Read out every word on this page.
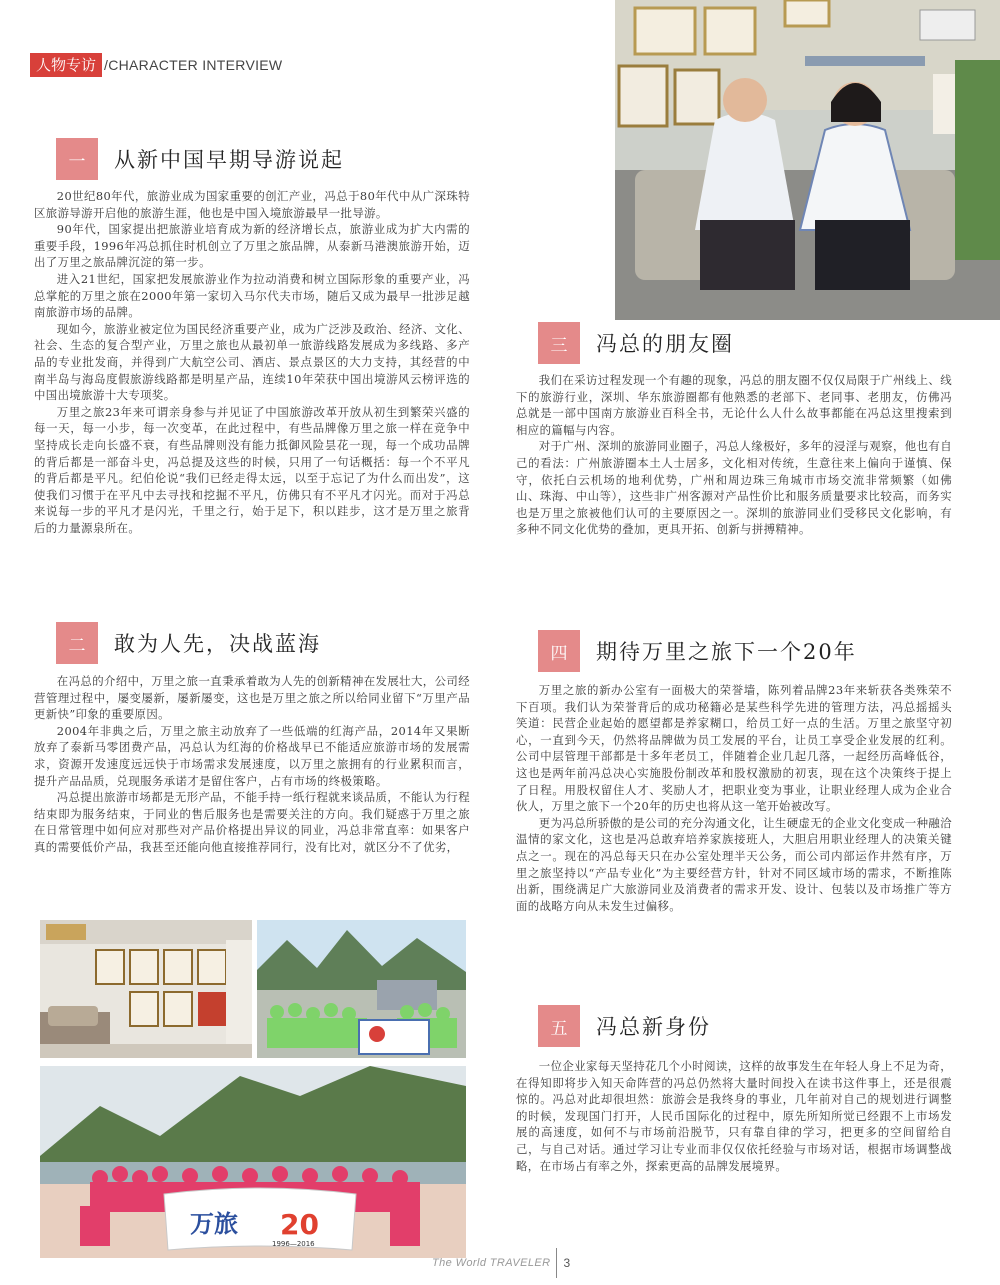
人物专访 /CHARACTER INTERVIEW
一	从新中国早期导游说起

20世纪80年代，旅游业成为国家重要的创汇产业，冯总于80年代中从广深珠特区旅游导游开启他的旅游生涯，他也是中国入境旅游最早一批导游。

90年代，国家提出把旅游业培育成为新的经济增长点，旅游业成为扩大内需的重要手段，1996年冯总抓住时机创立了万里之旅品牌，从泰新马港澳旅游开始，迈出了万里之旅品牌沉淀的第一步。

进入21世纪，国家把发展旅游业作为拉动消费和树立国际形象的重要产业，冯总掌舵的万里之旅在2000年第一家切入马尔代夫市场，随后又成为最早一批涉足越南旅游市场的品牌。

现如今，旅游业被定位为国民经济重要产业，成为广泛涉及政治、经济、文化、社会、生态的复合型产业，万里之旅也从最初单一旅游线路发展成为多线路、多产品的专业批发商，并得到广大航空公司、酒店、景点景区的大力支持，其经营的中南半岛与海岛度假旅游线路都是明星产品，连续10年荣获中国出境游风云榜评选的中国出境旅游十大专项奖。

万里之旅23年来可谓亲身参与并见证了中国旅游改革开放从初生到繁荣兴盛的每一天，每一小步，每一次变革，在此过程中，有些品牌像万里之旅一样在竞争中坚持成长走向长盛不衰，有些品牌则没有能力抵御风险昙花一现，每一个成功品牌的背后都是一部奋斗史，冯总提及这些的时候，只用了一句话概括：每一个不平凡的背后都是平凡。纪伯伦说“我们已经走得太远，以至于忘记了为什么而出发”，这使我们习惯于在平凡中去寻找和挖掘不平凡，仿佛只有不平凡才闪光。而对于冯总来说每一步的平凡才是闪光，千里之行，始于足下，积以跬步，这才是万里之旅背后的力量源泉所在。

二	敢为人先，决战蓝海

在冯总的介绍中，万里之旅一直秉承着敢为人先的创新精神在发展壮大，公司经营管理过程中，屡变屡新，屡新屡变，这也是万里之旅之所以给同业留下“万里产品更新快”印象的重要原因。

2004年非典之后，万里之旅主动放弃了一些低端的红海产品，2014年又果断放弃了泰新马零团费产品，冯总认为红海的价格战早已不能适应旅游市场的发展需求，资源开发速度远远快于市场需求发展速度，以万里之旅拥有的行业累积而言，提升产品品质，兑现服务承诺才是留住客户，占有市场的终极策略。

冯总提出旅游市场都是无形产品，不能手持一纸行程就来谈品质，不能认为行程结束即为服务结束，于同业的售后服务也是需要关注的方向。我们疑惑于万里之旅在日常管理中如何应对那些对产品价格提出异议的同业，冯总非常直率：如果客户真的需要低价产品，我甚至还能向他直接推荐同行，没有比对，就区分不了优劣，

万旅 20
1996—2016
三	冯总的朋友圈

我们在采访过程发现一个有趣的现象，冯总的朋友圈不仅仅局限于广州线上、线下的旅游行业，深圳、华东旅游圈都有他熟悉的老部下、老同事、老朋友，仿佛冯总就是一部中国南方旅游业百科全书，无论什么人什么故事都能在冯总这里搜索到相应的篇幅与内容。

对于广州、深圳的旅游同业圈子，冯总人缘极好，多年的浸淫与观察，他也有自己的看法：广州旅游圈本土人士居多，文化相对传统，生意往来上偏向于谨慎、保守，依托白云机场的地利优势，广州和周边珠三角城市市场交流非常频繁（如佛山、珠海、中山等），这些非广州客源对产品性价比和服务质量要求比较高，而务实也是万里之旅被他们认可的主要原因之一。深圳的旅游同业们受移民文化影响，有多种不同文化优势的叠加，更具开拓、创新与拼搏精神。

四	期待万里之旅下一个20年

万里之旅的新办公室有一面极大的荣誉墙，陈列着品牌23年来斩获各类殊荣不下百项。我们认为荣誉背后的成功秘籍必是某些科学先进的管理方法，冯总摇摇头笑道：民营企业起始的愿望都是养家糊口，给员工好一点的生活。万里之旅坚守初心，一直到今天，仍然将品牌做为员工发展的平台，让员工享受企业发展的红利。公司中层管理干部都是十多年老员工，伴随着企业几起几落，一起经历高峰低谷，这也是两年前冯总决心实施股份制改革和股权激励的初衷，现在这个决策终于提上了日程。用股权留住人才、奖励人才，把职业变为事业，让职业经理人成为企业合伙人，万里之旅下一个20年的历史也将从这一笔开始被改写。

更为冯总所骄傲的是公司的充分沟通文化，让生硬虚无的企业文化变成一种融洽温情的家文化，这也是冯总敢弃培养家族接班人，大胆启用职业经理人的决策关键点之一。现在的冯总每天只在办公室处理半天公务，而公司内部运作井然有序，万里之旅坚持以“产品专业化”为主要经营方针，针对不同区域市场的需求，不断推陈出新，围绕满足广大旅游同业及消费者的需求开发、设计、包装以及市场推广等方面的战略方向从未发生过偏移。

五	冯总新身份

一位企业家每天坚持花几个小时阅读，这样的故事发生在年轻人身上不足为奇，在得知即将步入知天命阵营的冯总仍然将大量时间投入在读书这件事上，还是很震惊的。冯总对此却很坦然：旅游会是我终身的事业，几年前对自己的规划进行调整的时候，发现国门打开，人民币国际化的过程中，原先所知所觉已经跟不上市场发展的高速度，如何不与市场前沿脱节，只有靠自律的学习，把更多的空间留给自己，与自己对话。通过学习让专业而非仅仅依托经验与市场对话，根据市场调整战略，在市场占有率之外，探索更高的品牌发展境界。

The World TRAVELER 3
